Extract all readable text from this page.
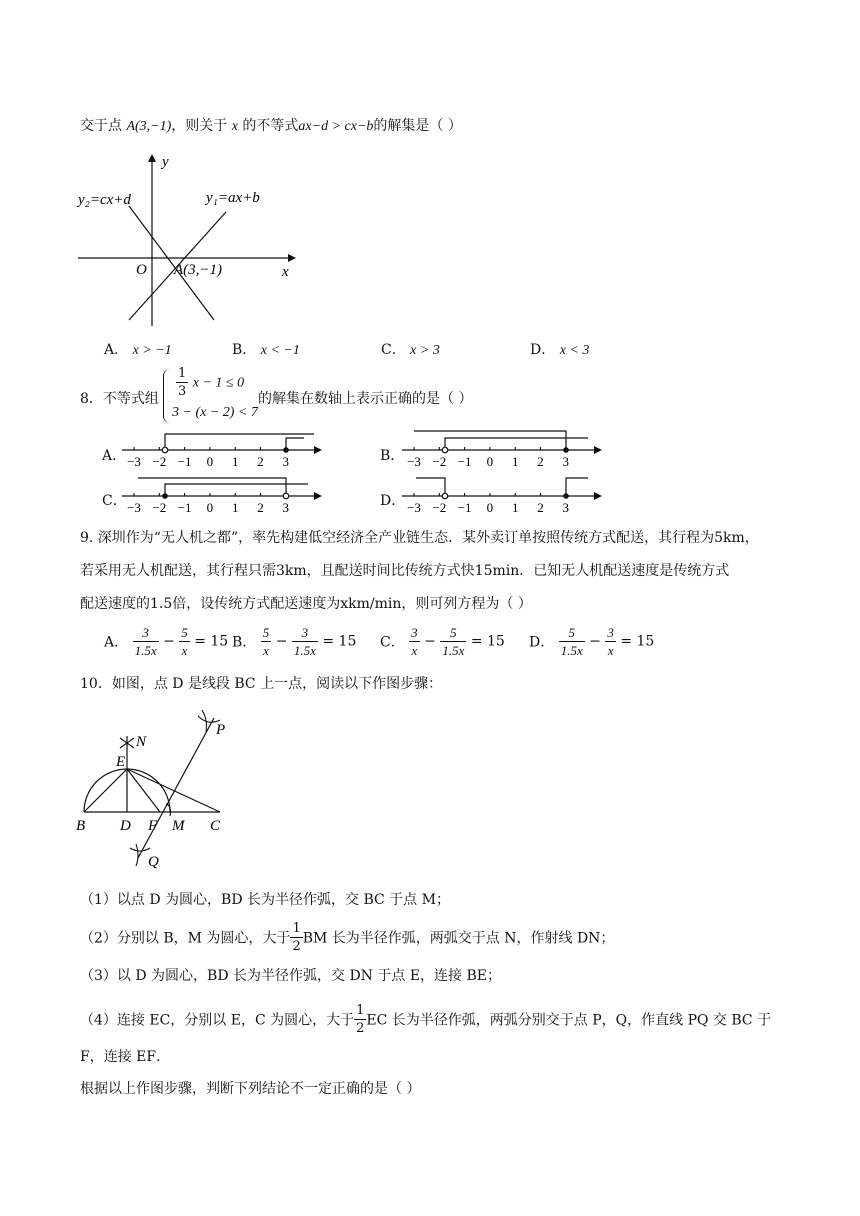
交于点 A(3,−1)，则关于 x 的不等式ax−d > cx−b的解集是（ ）
y
x
O
y₂=cx+d	y₁=ax+b
A(3,−1)
A． x > −1	B． x < −1	C． x > 3	D． x < 3
8．不等式组
$\frac{1}{3}$ x − 1 ≤ 0
3 − (x − 2) < 7
的解集在数轴上表示正确的是（ ）
A． −3 −2 −1 0 1 2 3	B． −3 −2 −1 0 1 2 3
C． −3 −2 −1 0 1 2 3	D． −3 −2 −1 0 1 2 3
9. 深圳作为“无人机之都”，率先构建低空经济全产业链生态．某外卖订单按照传统方式配送，其行程为5km，
若采用无人机配送，其行程只需3km，且配送时间比传统方式快15min．已知无人机配送速度是传统方式
配送速度的1.5倍，设传统方式配送速度为xkm/min，则可列方程为（ ）
A． $\frac{3}{1.5x} - \frac{5}{x} = 15$ B． $\frac{5}{x} - \frac{3}{1.5x} = 15$ C． $\frac{3}{x} - \frac{5}{1.5x} = 15$ D． $\frac{5}{1.5x} - \frac{3}{x} = 15$
10．如图，点 D 是线段 BC 上一点，阅读以下作图步骤：
P
N
E
B D F M C
Q
（1）以点 D 为圆心，BD 长为半径作弧，交 BC 于点 M；
（2）分别以 B，M 为圆心，大于 $\frac{1}{2}$ BM 长为半径作弧，两弧交于点 N，作射线 DN；
（3）以 D 为圆心，BD 长为半径作弧，交 DN 于点 E，连接 BE；
（4）连接 EC，分别以 E，C 为圆心，大于 $\frac{1}{2}$ EC 长为半径作弧，两弧分别交于点 P，Q，作直线 PQ 交 BC 于
F，连接 EF．
根据以上作图步骤，判断下列结论不一定正确的是（ ）
